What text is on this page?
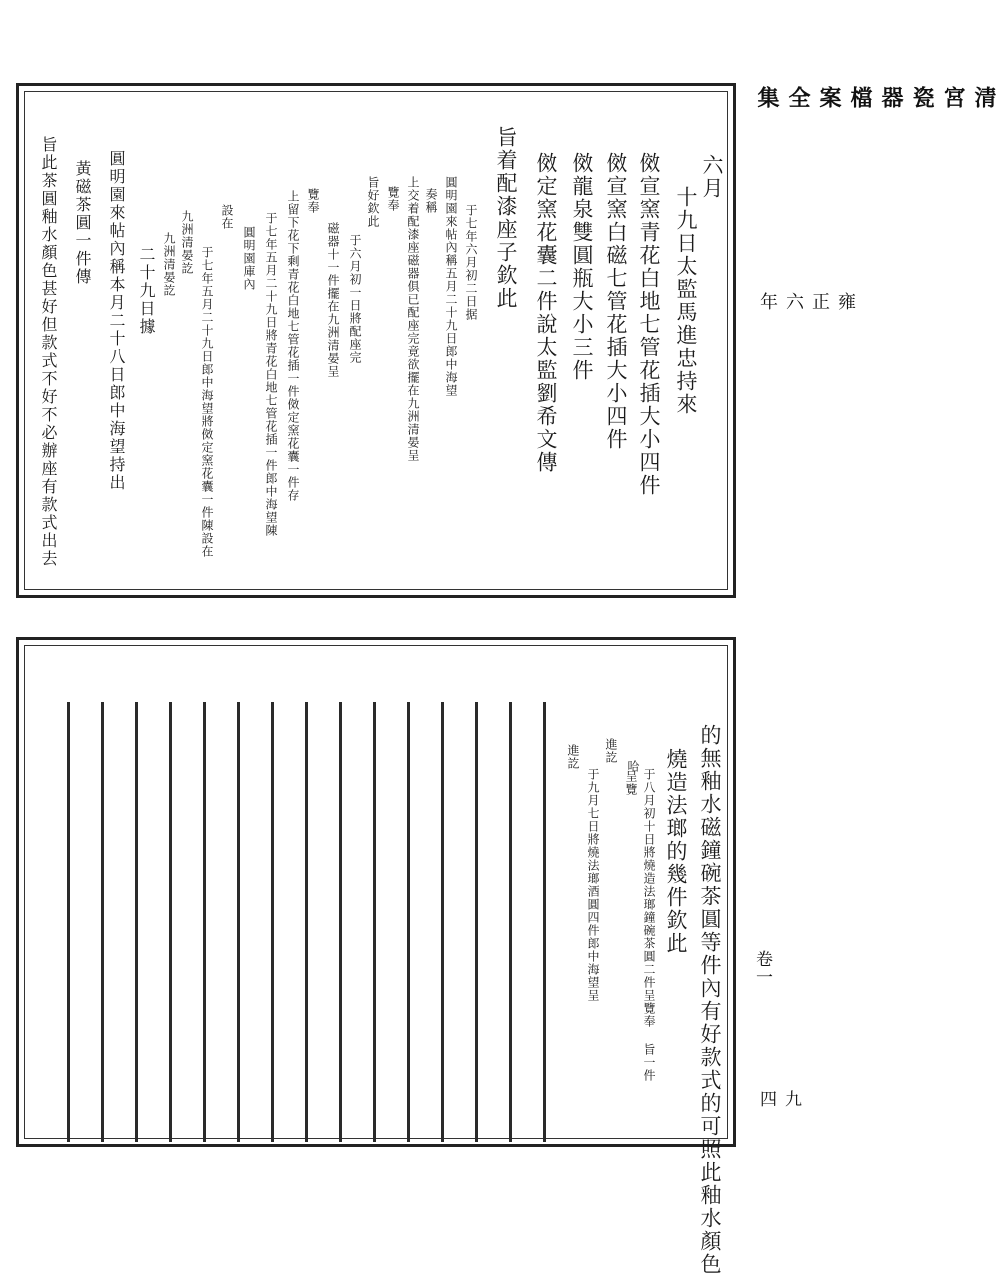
清宮瓷器檔案全集
雍正六年
卷一
九四
六月
十九日太監馬進忠持來
傚宣窯青花白地七管花插大小四件
傚宣窯白磁七管花插大小四件
傚龍泉雙圓瓶大小三件
傚定窯花囊二件說太監劉希文傳
旨着配漆座子欽此
于七年六月初二日据
圓明園來帖內稱五月二十九日郎中海望
奏稱
上交着配漆座磁器俱已配座完竟欲擺在九洲清晏呈
覽奉
旨好欽此
于六月初一日將配座完
磁器十一件擺在九洲清晏呈
覽奉
上留下花下剩青花白地七管花插一件傚定窯花囊一件存
于七年五月二十九日將青花白地七管花插一件郎中海望陳
圓明園庫內
設在
于七年五月二十九日郎中海望將傚定窯花囊一件陳設在
九洲清晏訖
九洲清晏訖
二十九日據
圓明園來帖內稱本月二十八日郎中海望持出
黃磁茶圓一件傳
旨此茶圓釉水顏色甚好但款式不好不必辦座有款式出去
的無釉水磁鐘碗茶圓等件內有好款式的可照此釉水顏色
燒造法瑯的幾件欽此
于八月初十日將燒造法瑯鐘碗茶圓二件呈覽奉 旨一件
呈覽
哈
進訖
于九月七日將燒法瑯酒圓四件郎中海望呈
進訖
